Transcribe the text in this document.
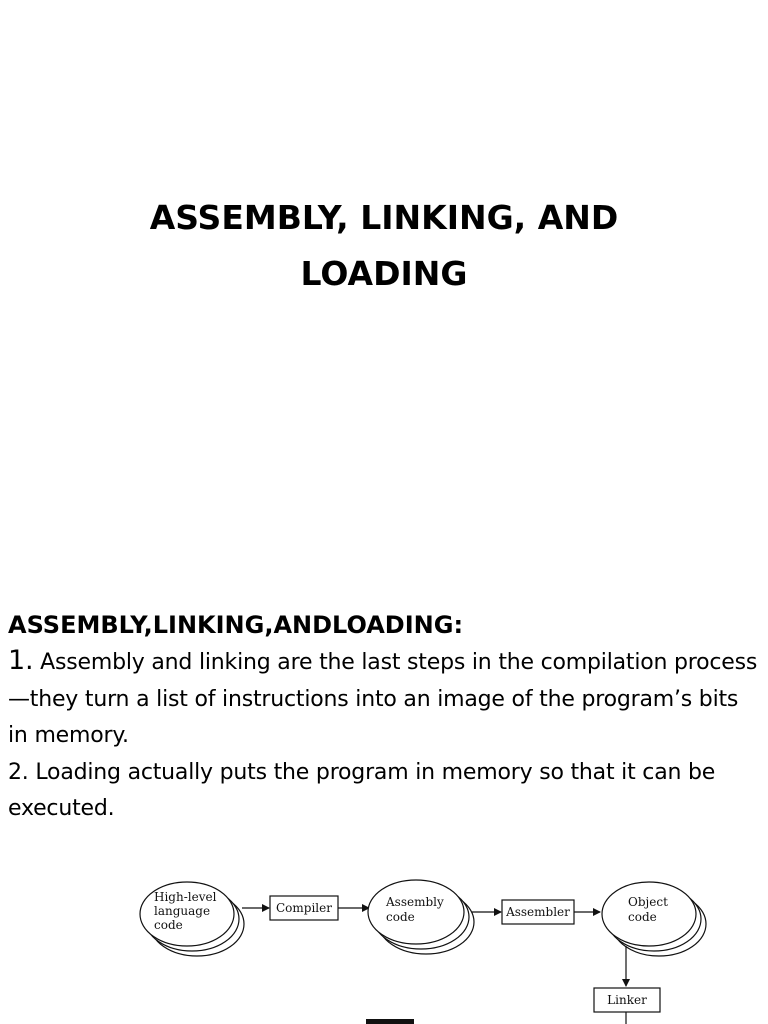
ASSEMBLY, LINKING, AND
LOADING

ASSEMBLY,LINKING,ANDLOADING:

1. Assembly and linking are the last steps in the compilation process—they turn a list of instructions into an image of the program’s bits in memory.

2. Loading actually puts the program in memory so that it can be executed.

High-level
language
code
Compiler	Assembly
code	Assembler
Object
code
Linker
